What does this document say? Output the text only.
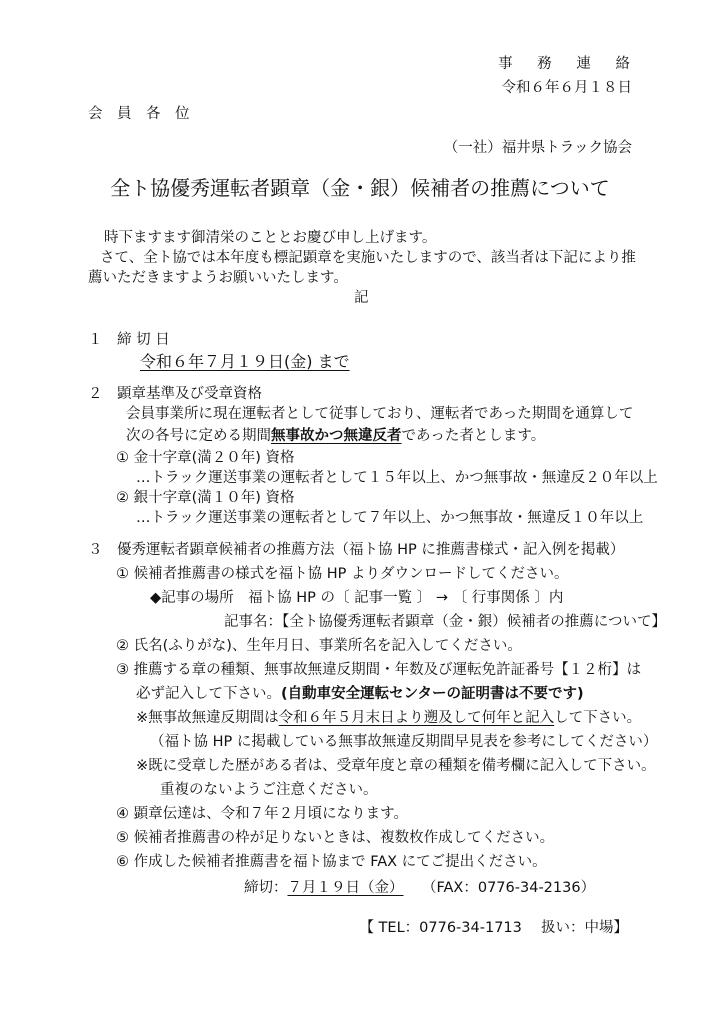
事 務 連 絡
令和６年６月１８日
会　員　各　位
（一社）福井県トラック協会
全ト協優秀運転者顕章（金・銀）候補者の推薦について
時下ますます御清栄のこととお慶び申し上げます。
さて、全ト協では本年度も標記顕章を実施いたしますので、該当者は下記により推
薦いただきますようお願いいたします。
記
１　締 切 日
令和６年７月１９日(金) まで
２　顕章基準及び受章資格
会員事業所に現在運転者として従事しており、運転者であった期間を通算して
次の各号に定める期間無事故かつ無違反者であった者とします。
① 金十字章(満２０年) 資格
…トラック運送事業の運転者として１５年以上、かつ無事故・無違反２０年以上
② 銀十字章(満１０年) 資格
…トラック運送事業の運転者として７年以上、かつ無事故・無違反１０年以上
３　優秀運転者顕章候補者の推薦方法（福ト協 HP に推薦書様式・記入例を掲載）
① 候補者推薦書の様式を福ト協 HP よりダウンロードしてください。
◆記事の場所　福ト協 HP の〔 記事一覧 〕 → 〔 行事関係 〕内
記事名：【全ト協優秀運転者顕章（金・銀）候補者の推薦について】
② 氏名(ふりがな)、生年月日、事業所名を記入してください。
③ 推薦する章の種類、無事故無違反期間・年数及び運転免許証番号【１２桁】は
必ず記入して下さい。(自動車安全運転センターの証明書は不要です)
※無事故無違反期間は令和６年５月末日より遡及して何年と記入して下さい。
（福ト協 HP に掲載している無事故無違反期間早見表を参考にしてください）
※既に受章した歴がある者は、受章年度と章の種類を備考欄に記入して下さい。
重複のないようご注意ください。
④ 顕章伝達は、令和７年２月頃になります。
⑤ 候補者推薦書の枠が足りないときは、複数枚作成してください。
⑥ 作成した候補者推薦書を福ト協まで FAX にてご提出ください。
締切：７月１９日（金） （FAX：0776-34-2136）
【 TEL：0776-34-1713　 扱い：中場】
